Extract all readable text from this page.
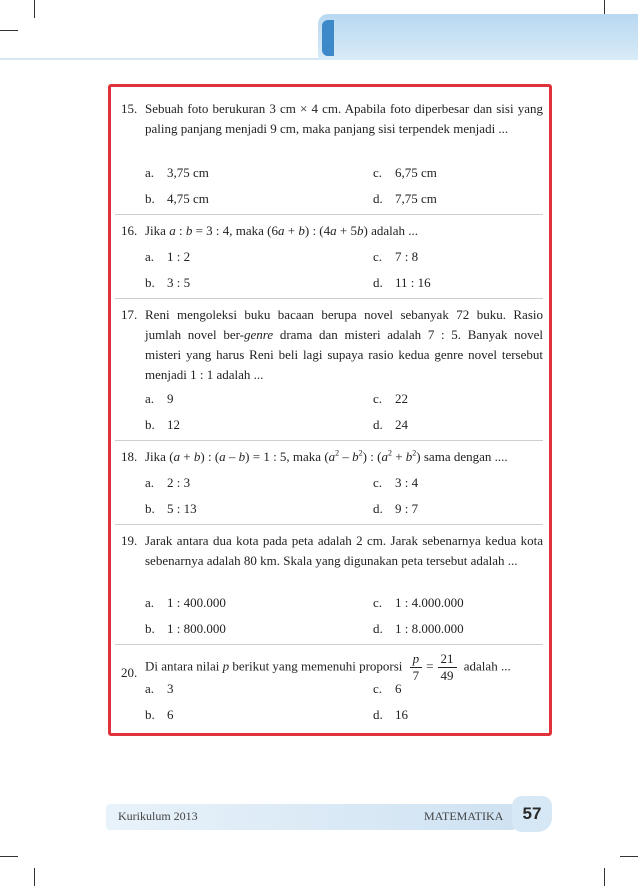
15. Sebuah foto berukuran 3 cm × 4 cm. Apabila foto diperbesar dan sisi yang paling panjang menjadi 9 cm, maka panjang sisi terpendek menjadi ...
a. 3,75 cm	c. 6,75 cm
b. 4,75 cm	d. 7,75 cm
16. Jika a : b = 3 : 4, maka (6a + b) : (4a + 5b) adalah ...
a. 1 : 2	c. 7 : 8
b. 3 : 5	d. 11 : 16
17. Reni mengoleksi buku bacaan berupa novel sebanyak 72 buku. Rasio jumlah novel ber-genre drama dan misteri adalah 7 : 5. Banyak novel misteri yang harus Reni beli lagi supaya rasio kedua genre novel tersebut menjadi 1 : 1 adalah ...
a. 9	c. 22
b. 12	d. 24
18. Jika (a + b) : (a – b) = 1 : 5, maka $(a^2 - b^2)$ : $(a^2 + b^2)$ sama dengan ....
a. 2 : 3	c. 3 : 4
b. 5 : 13	d. 9 : 7
19. Jarak antara dua kota pada peta adalah 2 cm. Jarak sebenarnya kedua kota sebenarnya adalah 80 km. Skala yang digunakan peta tersebut adalah ...
a. 1 : 400.000	c. 1 : 4.000.000
b. 1 : 800.000	d. 1 : 8.000.000
20. Di antara nilai p berikut yang memenuhi proporsi $\frac{p}{7} = \frac{21}{49}$ adalah ...
a. 3	c. 6
b. 6	d. 16
Kurikulum 2013	MATEMATIKA	57
